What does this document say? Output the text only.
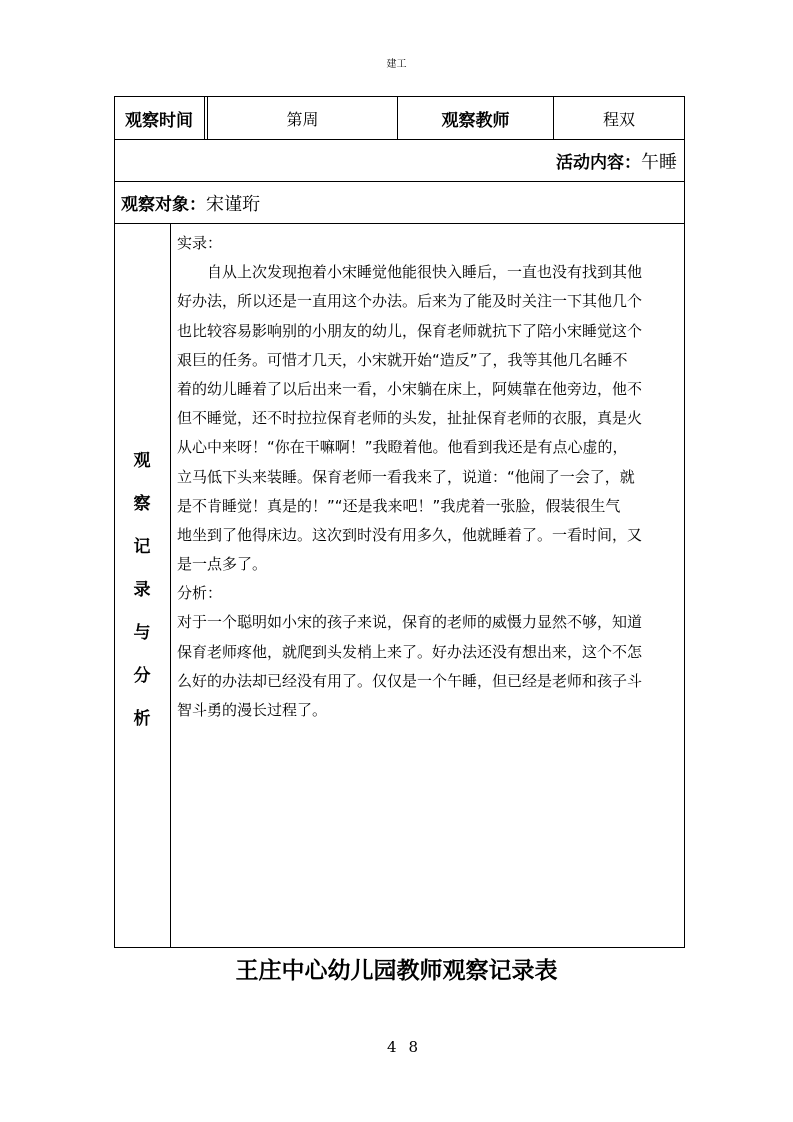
建工
观察时间	第周	观察教师	程双
活动内容： 午睡
观察对象： 宋谨珩
观
察
记
录
与
分
析
实录：
自从上次发现抱着小宋睡觉他能很快入睡后，一直也没有找到其他
好办法，所以还是一直用这个办法。后来为了能及时关注一下其他几个
也比较容易影响别的小朋友的幼儿，保育老师就抗下了陪小宋睡觉这个
艰巨的任务。可惜才几天，小宋就开始“造反”了，我等其他几名睡不
着的幼儿睡着了以后出来一看，小宋躺在床上，阿姨靠在他旁边，他不
但不睡觉，还不时拉拉保育老师的头发，扯扯保育老师的衣服，真是火
从心中来呀！“你在干嘛啊！”我瞪着他。他看到我还是有点心虚的，
立马低下头来装睡。保育老师一看我来了，说道：“他闹了一会了，就
是不肯睡觉！真是的！”“还是我来吧！”我虎着一张脸，假装很生气
地坐到了他得床边。这次到时没有用多久，他就睡着了。一看时间，又
是一点多了。
分析：
对于一个聪明如小宋的孩子来说，保育的老师的威慑力显然不够，知道
保育老师疼他，就爬到头发梢上来了。好办法还没有想出来，这个不怎
么好的办法却已经没有用了。仅仅是一个午睡，但已经是老师和孩子斗
智斗勇的漫长过程了。
王庄中心幼儿园教师观察记录表
48
